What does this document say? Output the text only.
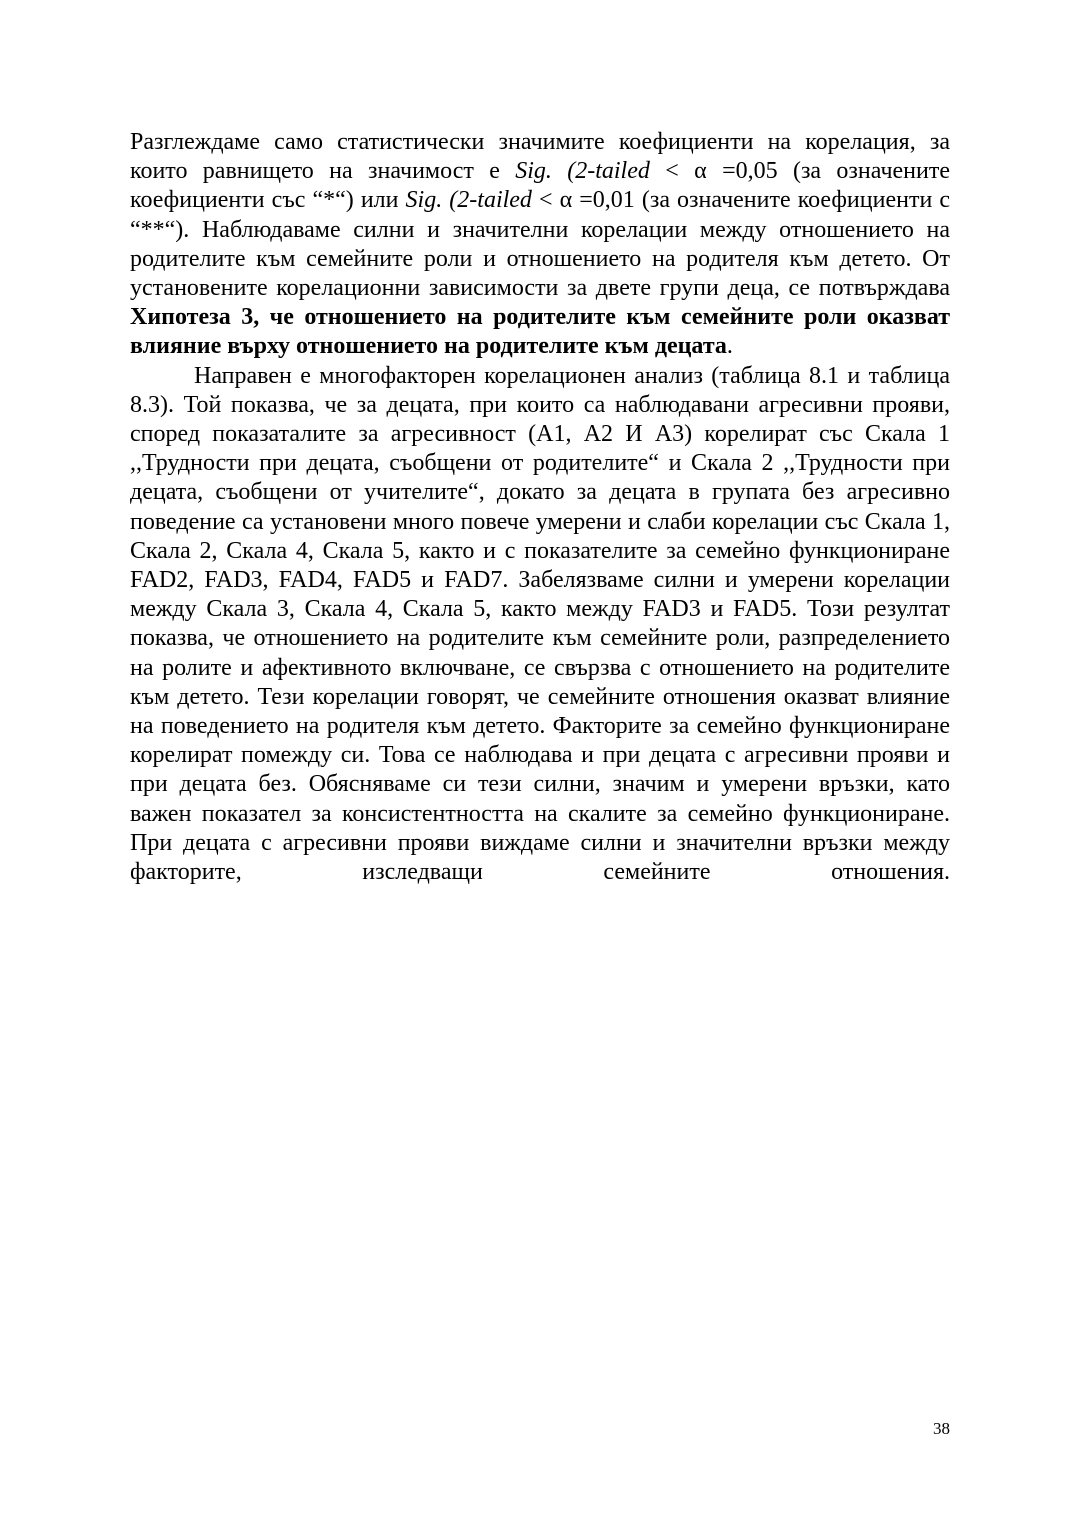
Разглеждаме само статистически значимите коефициенти на корелация, за които равнището на значимост е Sig. (2-tailed < α =0,05 (за означените коефициенти със “*“) или Sig. (2-tailed < α =0,01 (за означените коефициенти с “**“). Наблюдаваме силни и значителни корелации между отношението на родителите към семейните роли и отношението на родителя към детето. От установените корелационни зависимости за двете групи деца, се потвърждава Хипотеза 3, че отношението на родителите към семейните роли оказват влияние върху отношението на родителите към децата.

Направен е многофакторен корелационен анализ (таблица 8.1 и таблица 8.3). Той показва, че за децата, при които са наблюдавани агресивни прояви, според показаталите за агресивност (А1, А2 И А3) корелират със Скала 1 ,,Трудности при децата, съобщени от родителите“ и Скала 2 ,,Трудности при децата, съобщени от учителите“, докато за децата в групата без агресивно поведение са установени много повече умерени и слаби корелации със Скала 1, Скала 2, Скала 4, Скала 5, както и с показателите за семейно функциониране FAD2, FAD3, FAD4, FAD5 и FAD7. Забелязваме силни и умерени корелации между Скала 3, Скала 4, Скала 5, както между FAD3 и FAD5. Този резултат показва, че отношението на родителите към семейните роли, разпределението на ролите и афективното включване, се свързва с отношението на родителите към детето. Тези корелации говорят, че семейните отношения оказват влияние на поведението на родителя към детето. Факторите за семейно функциониране корелират помежду си. Това се наблюдава и при децата с агресивни прояви и при децата без. Обясняваме си тези силни, значим и умерени връзки, като важен показател за консистентността на скалите за семейно функциониране. При децата с агресивни прояви виждаме силни и значителни връзки между факторите, изследващи семейните отношения.

38
